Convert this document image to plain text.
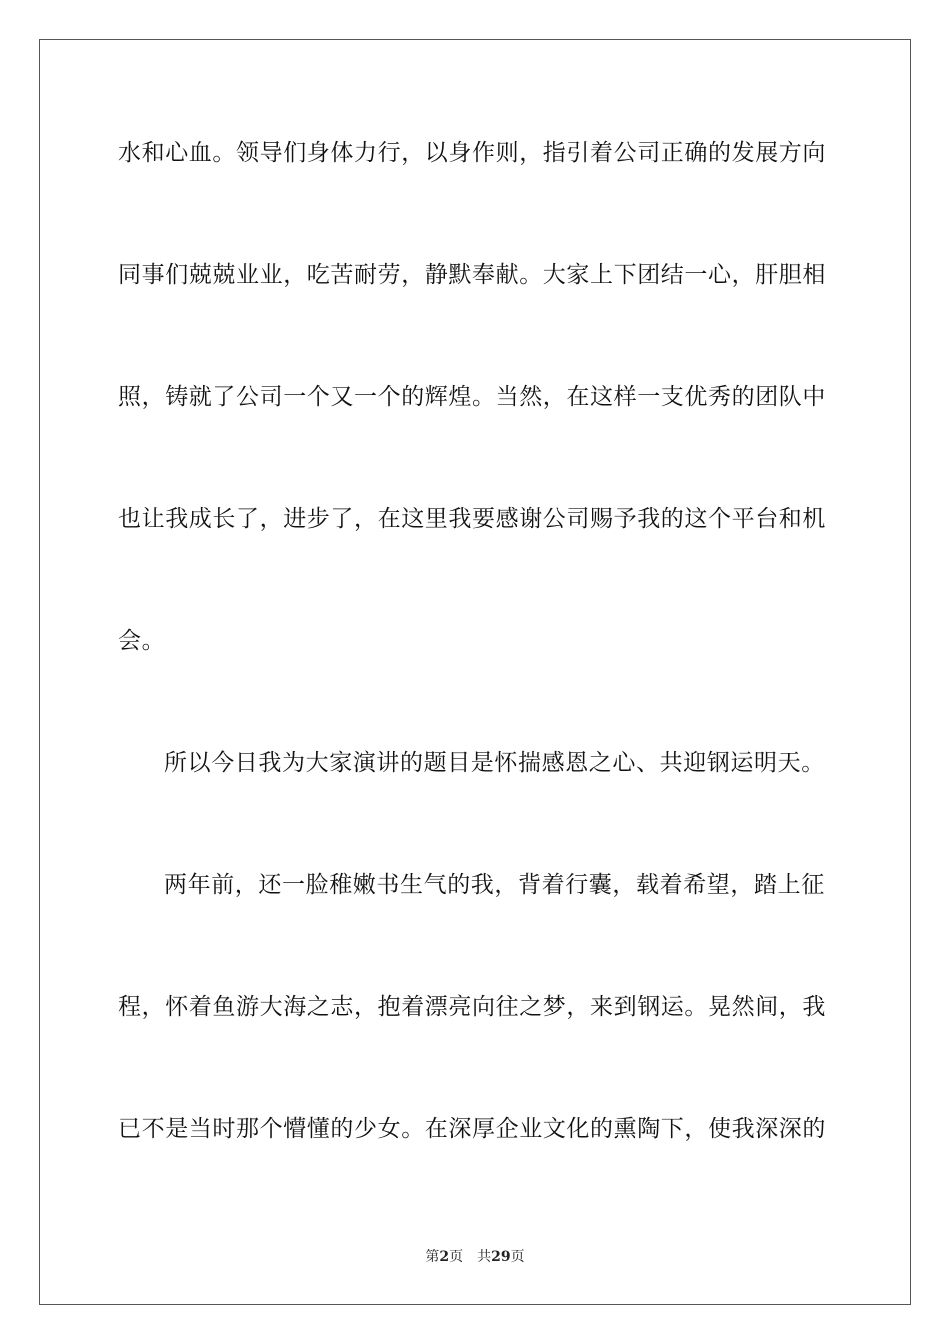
水和心血。领导们身体力行，以身作则，指引着公司正确的发展方向
同事们兢兢业业，吃苦耐劳，静默奉献。大家上下团结一心，肝胆相
照，铸就了公司一个又一个的辉煌。当然，在这样一支优秀的团队中
也让我成长了，进步了，在这里我要感谢公司赐予我的这个平台和机
会。
所以今日我为大家演讲的题目是怀揣感恩之心、共迎钢运明天。
两年前，还一脸稚嫩书生气的我，背着行囊，载着希望，踏上征
程，怀着鱼游大海之志，抱着漂亮向往之梦，来到钢运。晃然间，我
已不是当时那个懵懂的少女。在深厚企业文化的熏陶下，使我深深的
第2页 共29页
